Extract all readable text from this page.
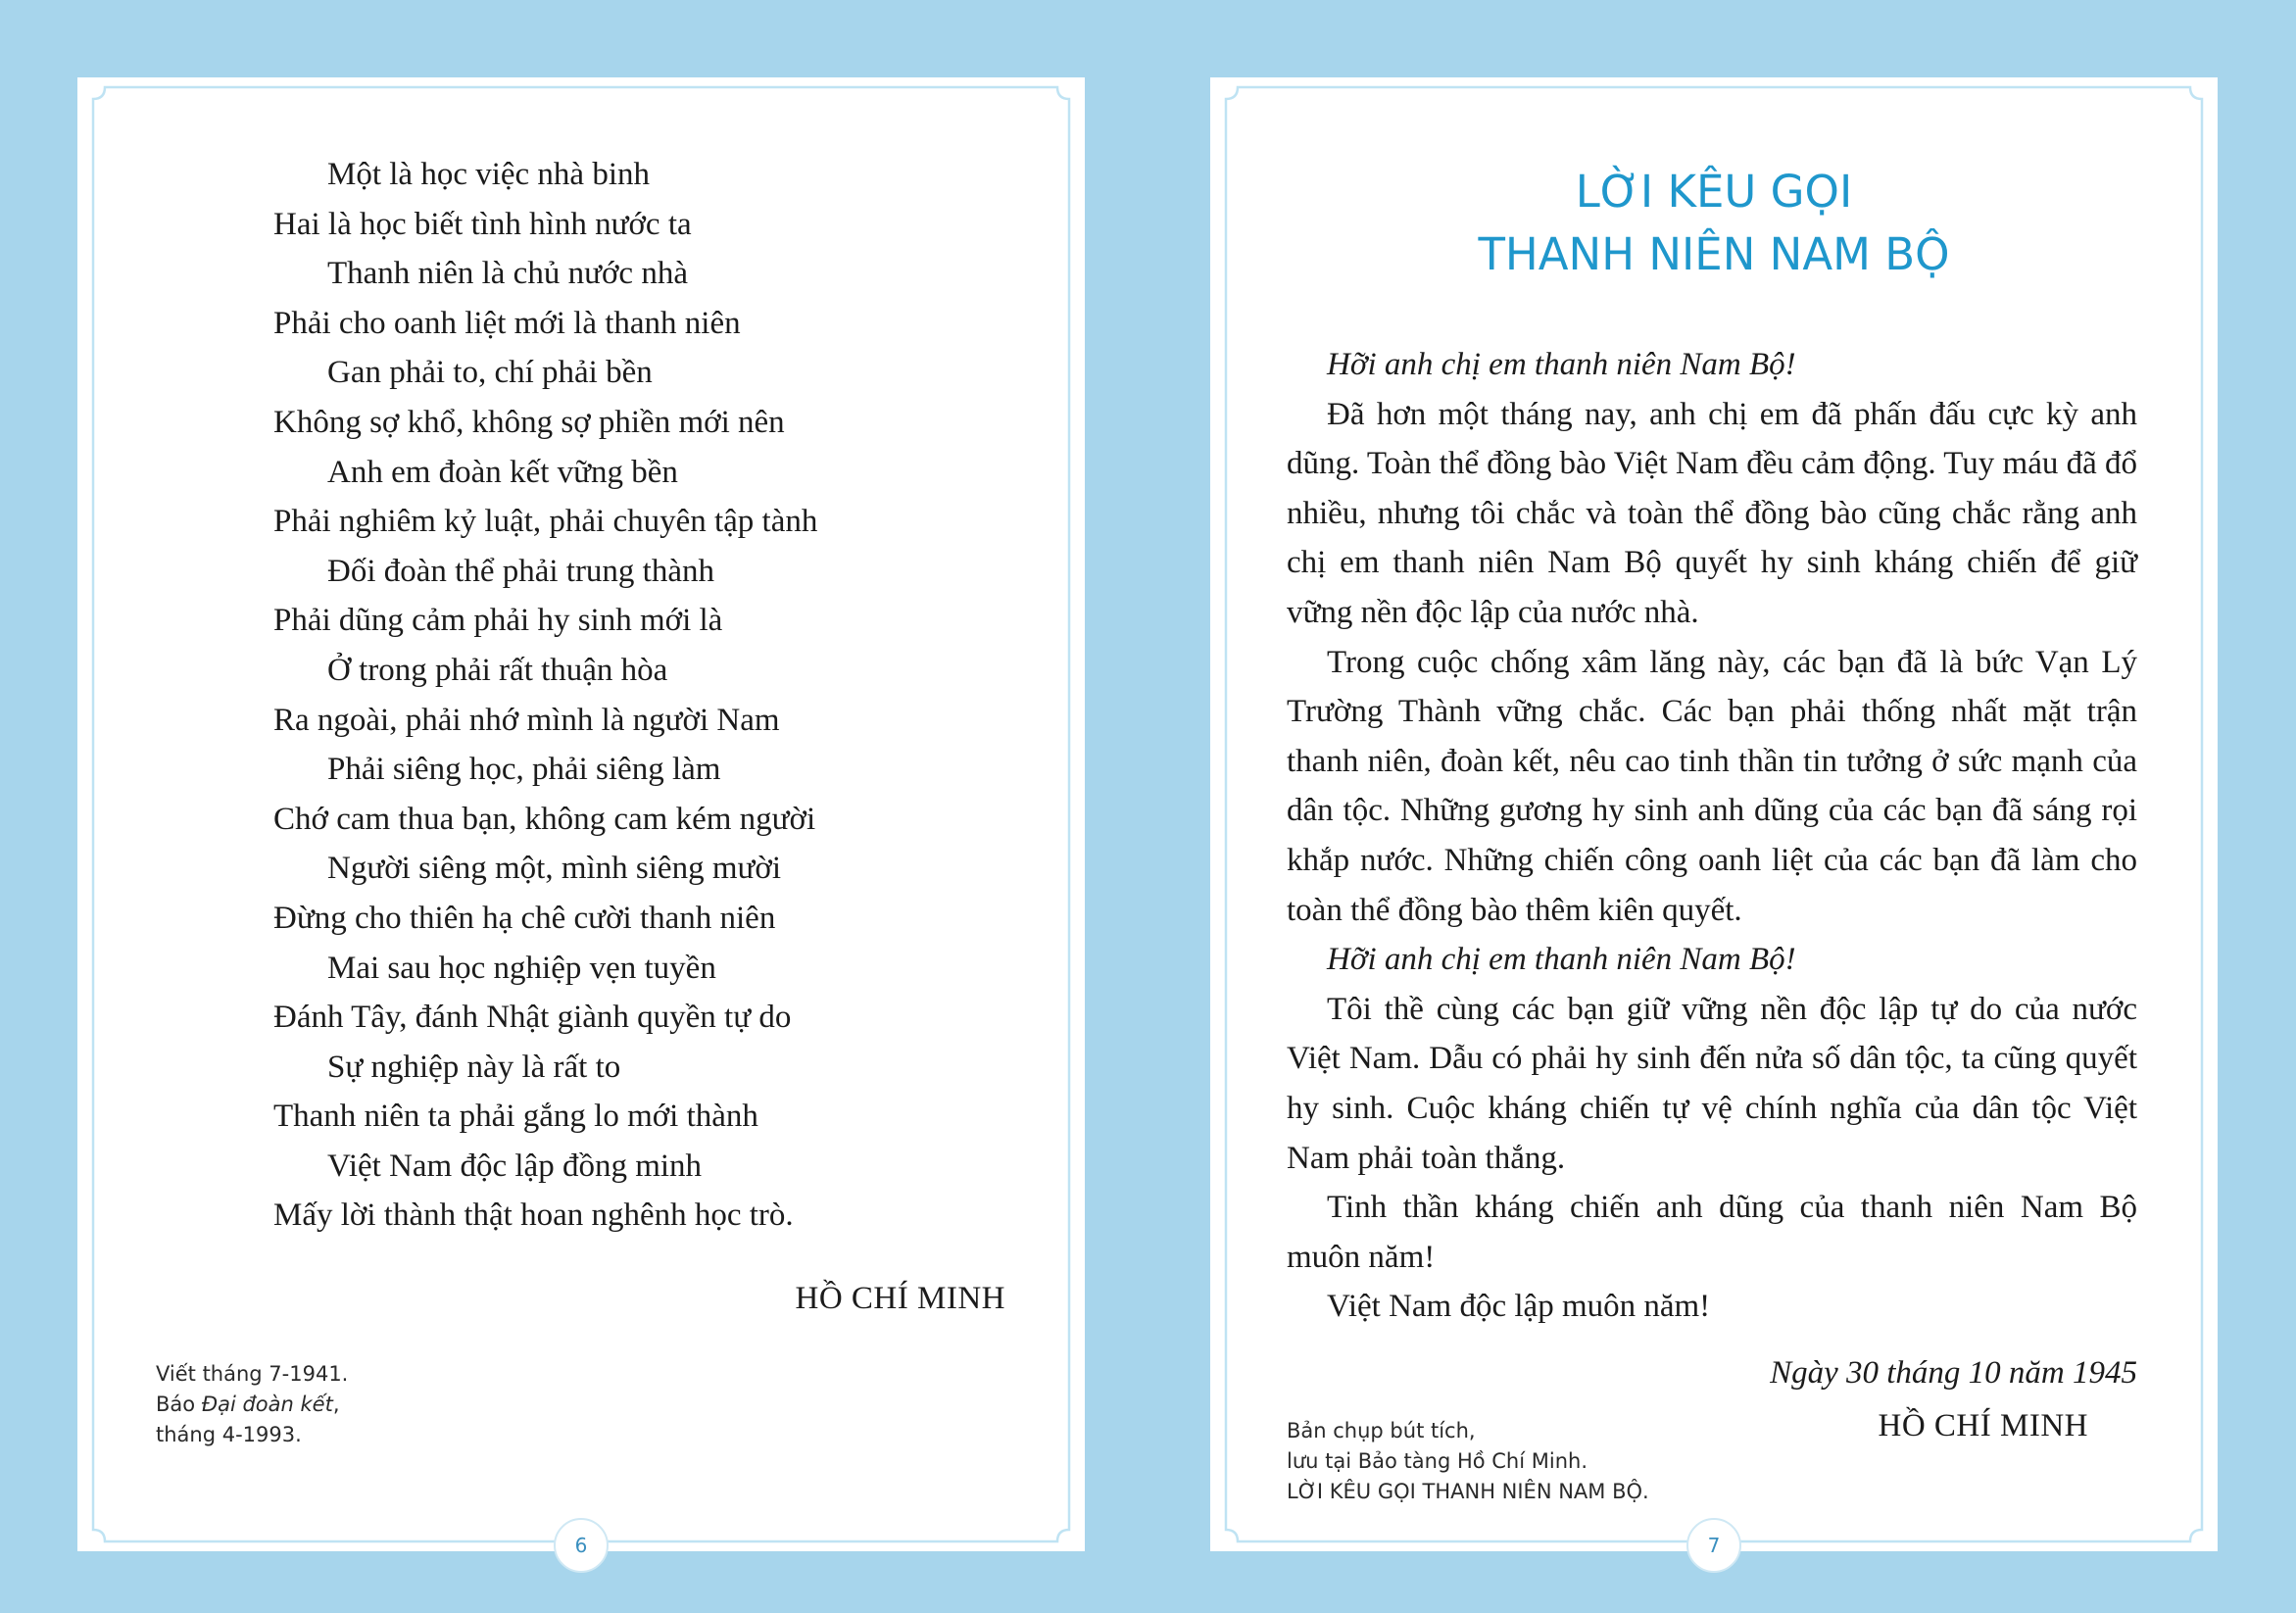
Một là học việc nhà binh
Hai là học biết tình hình nước ta
Thanh niên là chủ nước nhà
Phải cho oanh liệt mới là thanh niên
Gan phải to, chí phải bền
Không sợ khổ, không sợ phiền mới nên
Anh em đoàn kết vững bền
Phải nghiêm kỷ luật, phải chuyên tập tành
Đối đoàn thể phải trung thành
Phải dũng cảm phải hy sinh mới là
Ở trong phải rất thuận hòa
Ra ngoài, phải nhớ mình là người Nam
Phải siêng học, phải siêng làm
Chớ cam thua bạn, không cam kém người
Người siêng một, mình siêng mười
Đừng cho thiên hạ chê cười thanh niên
Mai sau học nghiệp vẹn tuyền
Đánh Tây, đánh Nhật giành quyền tự do
Sự nghiệp này là rất to
Thanh niên ta phải gắng lo mới thành
Việt Nam độc lập đồng minh
Mấy lời thành thật hoan nghênh học trò.
HỒ CHÍ MINH
Viết tháng 7-1941.
Báo Đại đoàn kết,
tháng 4-1993.
6
LỜI KÊU GỌI
THANH NIÊN NAM BỘ

Hỡi anh chị em thanh niên Nam Bộ!

Đã hơn một tháng nay, anh chị em đã phấn đấu cực kỳ anh dũng. Toàn thể đồng bào Việt Nam đều cảm động. Tuy máu đã đổ nhiều, nhưng tôi chắc và toàn thể đồng bào cũng chắc rằng anh chị em thanh niên Nam Bộ quyết hy sinh kháng chiến để giữ vững nền độc lập của nước nhà.

Trong cuộc chống xâm lăng này, các bạn đã là bức Vạn Lý Trường Thành vững chắc. Các bạn phải thống nhất mặt trận thanh niên, đoàn kết, nêu cao tinh thần tin tưởng ở sức mạnh của dân tộc. Những gương hy sinh anh dũng của các bạn đã sáng rọi khắp nước. Những chiến công oanh liệt của các bạn đã làm cho toàn thể đồng bào thêm kiên quyết.

Hỡi anh chị em thanh niên Nam Bộ!

Tôi thề cùng các bạn giữ vững nền độc lập tự do của nước Việt Nam. Dẫu có phải hy sinh đến nửa số dân tộc, ta cũng quyết hy sinh. Cuộc kháng chiến tự vệ chính nghĩa của dân tộc Việt Nam phải toàn thắng.

Tinh thần kháng chiến anh dũng của thanh niên Nam Bộ muôn năm!

Việt Nam độc lập muôn năm!

Ngày 30 tháng 10 năm 1945
HỒ CHÍ MINH
Bản chụp bút tích,
lưu tại Bảo tàng Hồ Chí Minh.
LỜI KÊU GỌI THANH NIÊN NAM BỘ.
7
